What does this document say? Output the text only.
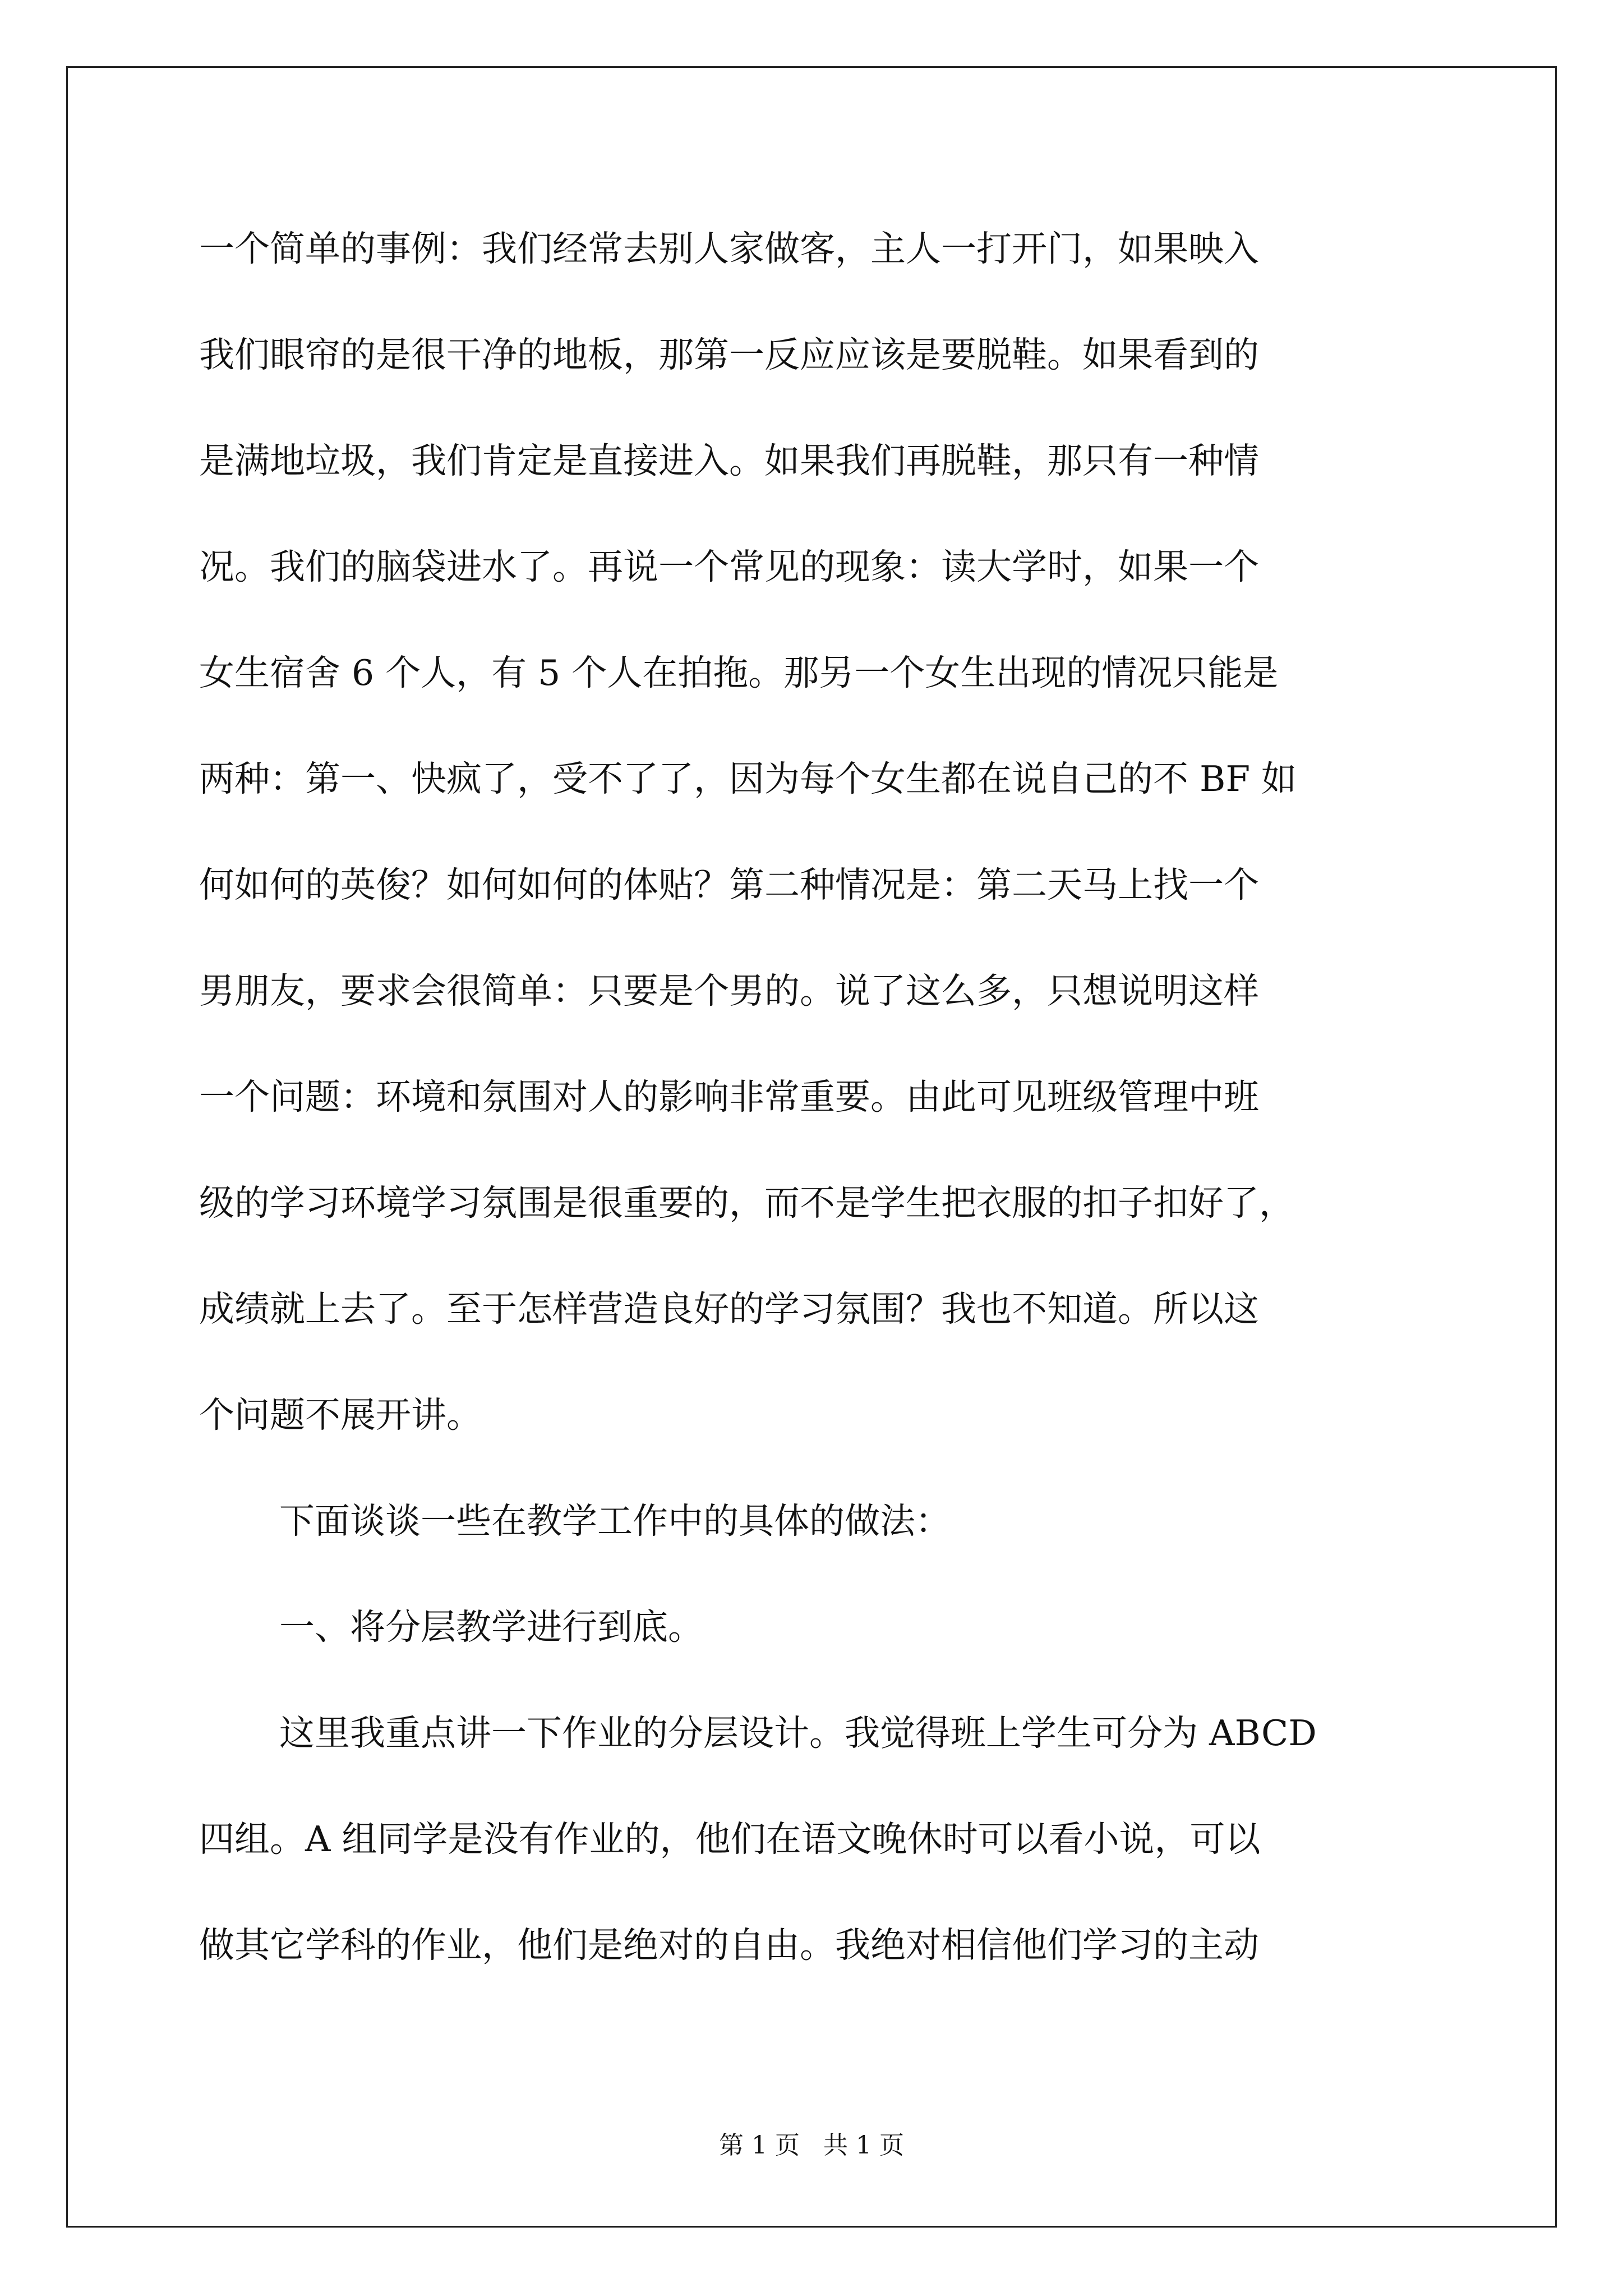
一个简单的事例：我们经常去别人家做客，主人一打开门，如果映入

我们眼帘的是很干净的地板，那第一反应应该是要脱鞋。如果看到的

是满地垃圾，我们肯定是直接进入。如果我们再脱鞋，那只有一种情

况。我们的脑袋进水了。再说一个常见的现象：读大学时，如果一个

女生宿舍 6 个人，有 5 个人在拍拖。那另一个女生出现的情况只能是

两种：第一、快疯了，受不了了，因为每个女生都在说自己的不 BF 如

何如何的英俊？如何如何的体贴？第二种情况是：第二天马上找一个

男朋友，要求会很简单：只要是个男的。说了这么多，只想说明这样

一个问题：环境和氛围对人的影响非常重要。由此可见班级管理中班

级的学习环境学习氛围是很重要的，而不是学生把衣服的扣子扣好了，

成绩就上去了。至于怎样营造良好的学习氛围？我也不知道。所以这

个问题不展开讲。

下面谈谈一些在教学工作中的具体的做法：

一、将分层教学进行到底。

这里我重点讲一下作业的分层设计。我觉得班上学生可分为 ABCD

四组。A 组同学是没有作业的，他们在语文晚休时可以看小说，可以

做其它学科的作业，他们是绝对的自由。我绝对相信他们学习的主动

第 1 页   共 1 页
